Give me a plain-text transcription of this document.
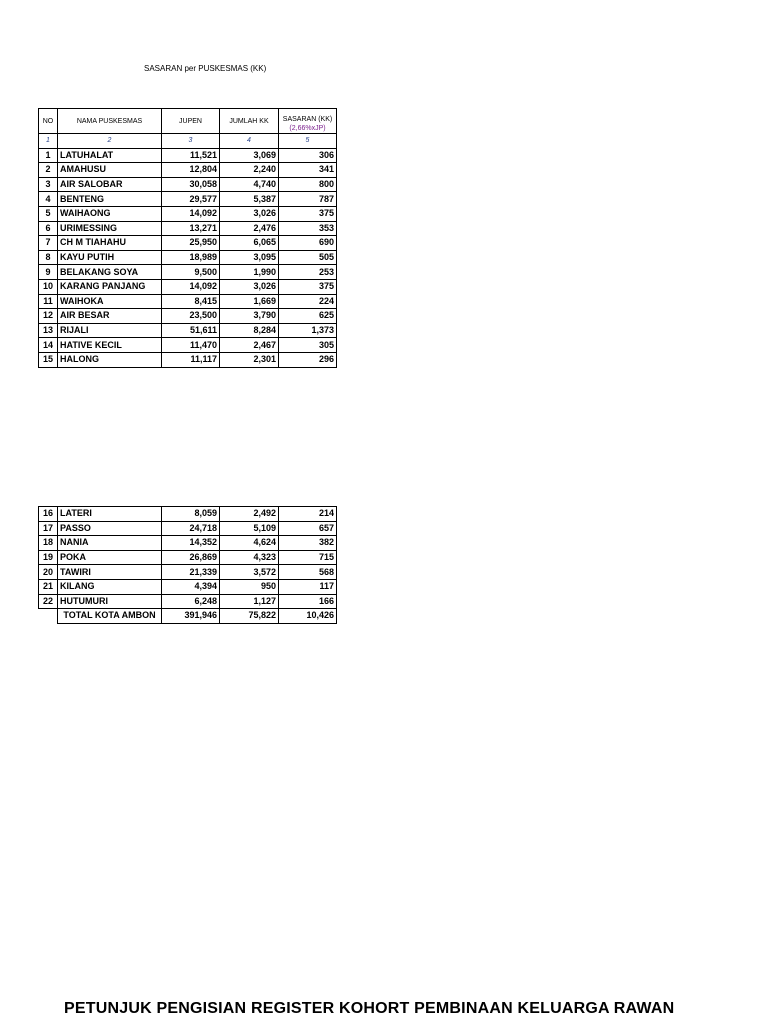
SASARAN per PUSKESMAS (KK)
NO	NAMA PUSKESMAS	JUPEN	JUMLAH KK	SASARAN (KK)
(2,66%xJP)

1	2	3	4	5
1	LATUHALAT	11,521	3,069	306
2	AMAHUSU	12,804	2,240	341
3	AIR SALOBAR	30,058	4,740	800
4	BENTENG	29,577	5,387	787
5	WAIHAONG	14,092	3,026	375
6	URIMESSING	13,271	2,476	353
7	CH M TIAHAHU	25,950	6,065	690
8	KAYU PUTIH	18,989	3,095	505
9	BELAKANG SOYA	9,500	1,990	253
10	KARANG PANJANG	14,092	3,026	375
11	WAIHOKA	8,415	1,669	224
12	AIR BESAR	23,500	3,790	625
13	RIJALI	51,611	8,284	1,373
14	HATIVE KECIL	11,470	2,467	305
15	HALONG	11,117	2,301	296
16	LATERI	8,059	2,492	214
17	PASSO	24,718	5,109	657
18	NANIA	14,352	4,624	382
19	POKA	26,869	4,323	715
20	TAWIRI	21,339	3,572	568
21	KILANG	4,394	950	117
22	HUTUMURI	6,248	1,127	166
	TOTAL KOTA AMBON	391,946	75,822	10,426
PETUNJUK PENGISIAN REGISTER KOHORT PEMBINAAN KELUARGA RAWAN
